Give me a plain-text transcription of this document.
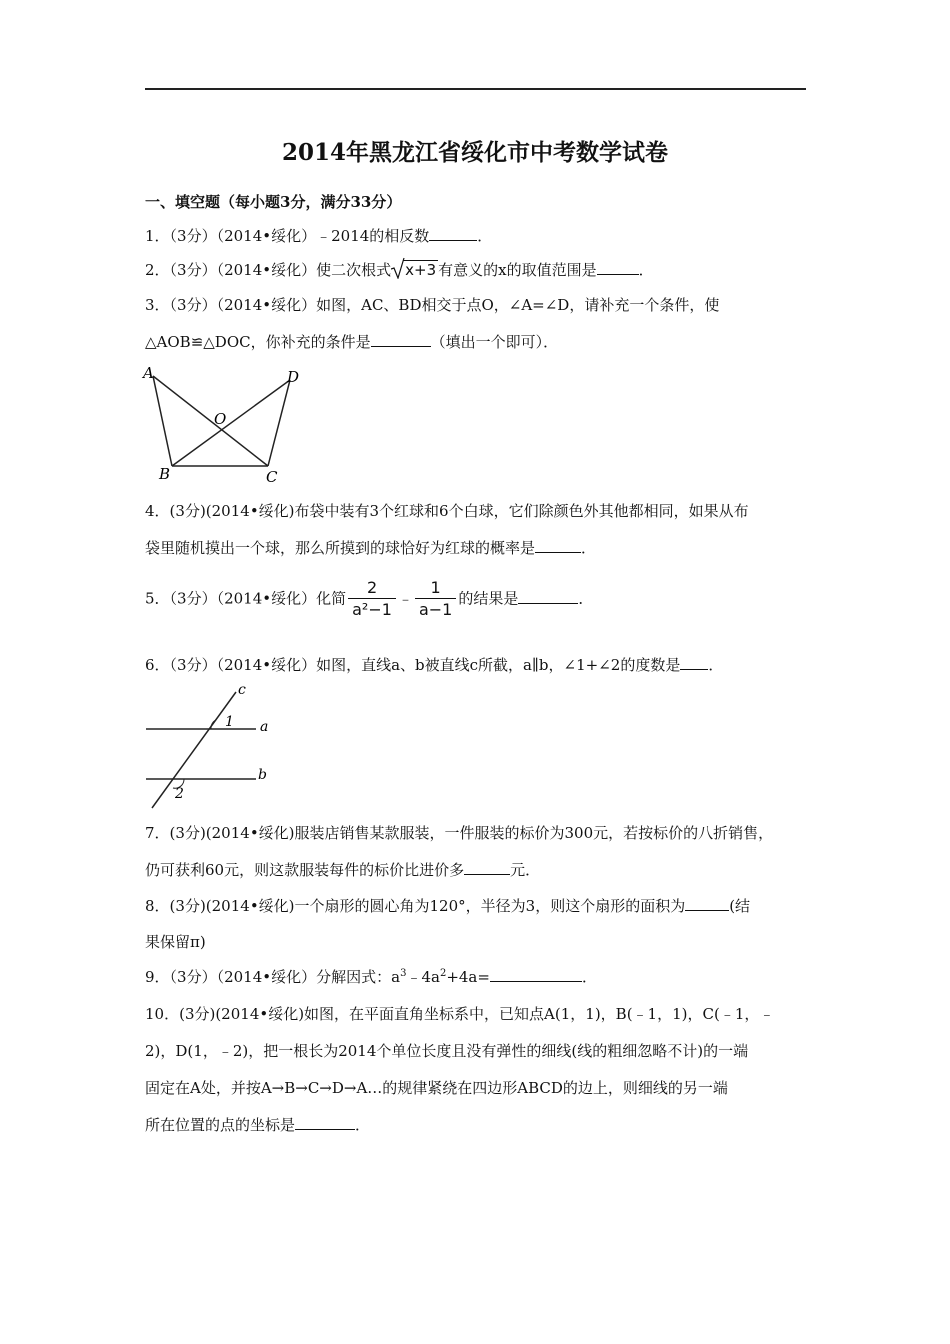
2014年黑龙江省绥化市中考数学试卷
一、填空题（每小题3分，满分33分）
1．（3分）（2014•绥化）﹣2014的相反数	．
2．（3分）（2014•绥化）使二次根式 x+3 有意义的x的取值范围是	．
3．（3分）（2014•绥化）如图，AC、BD相交于点O，∠A=∠D，请补充一个条件，使
△AOB≌△DOC，你补充的条件是	（填出一个即可）．
A
B	C
D
O
4．(3分)(2014•绥化)布袋中装有3个红球和6个白球，它们除颜色外其他都相同，如果从布
袋里随机摸出一个球，那么所摸到的球恰好为红球的概率是	．
5．（3分）（2014•绥化）化简 $\frac{2}{\text{a²−1}}$ ﹣ $\frac{1}{a-1}$ 的结果是	．
6．（3分）（2014•绥化）如图，直线a、b被直线c所截，a∥b，∠1+∠2的度数是 ．
c
a
b
1
2
7．(3分)(2014•绥化)服装店销售某款服装，一件服装的标价为300元，若按标价的八折销售，
仍可获利60元，则这款服装每件的标价比进价多	元．
8．(3分)(2014•绥化)一个扇形的圆心角为120°，半径为3，则这个扇形的面积为	(结
果保留π)
9．（3分）（2014•绥化）分解因式：$a^3﹣4a^2+4a=$	．
10．(3分)(2014•绥化)如图，在平面直角坐标系中，已知点A(1，1)，B(﹣1，1)，C(﹣1，﹣
2)，D(1，﹣2)，把一根长为2014个单位长度且没有弹性的细线(线的粗细忽略不计)的一端
固定在A处，并按A→B→C→D→A…的规律紧绕在四边形ABCD的边上，则细线的另一端
所在位置的点的坐标是	．
